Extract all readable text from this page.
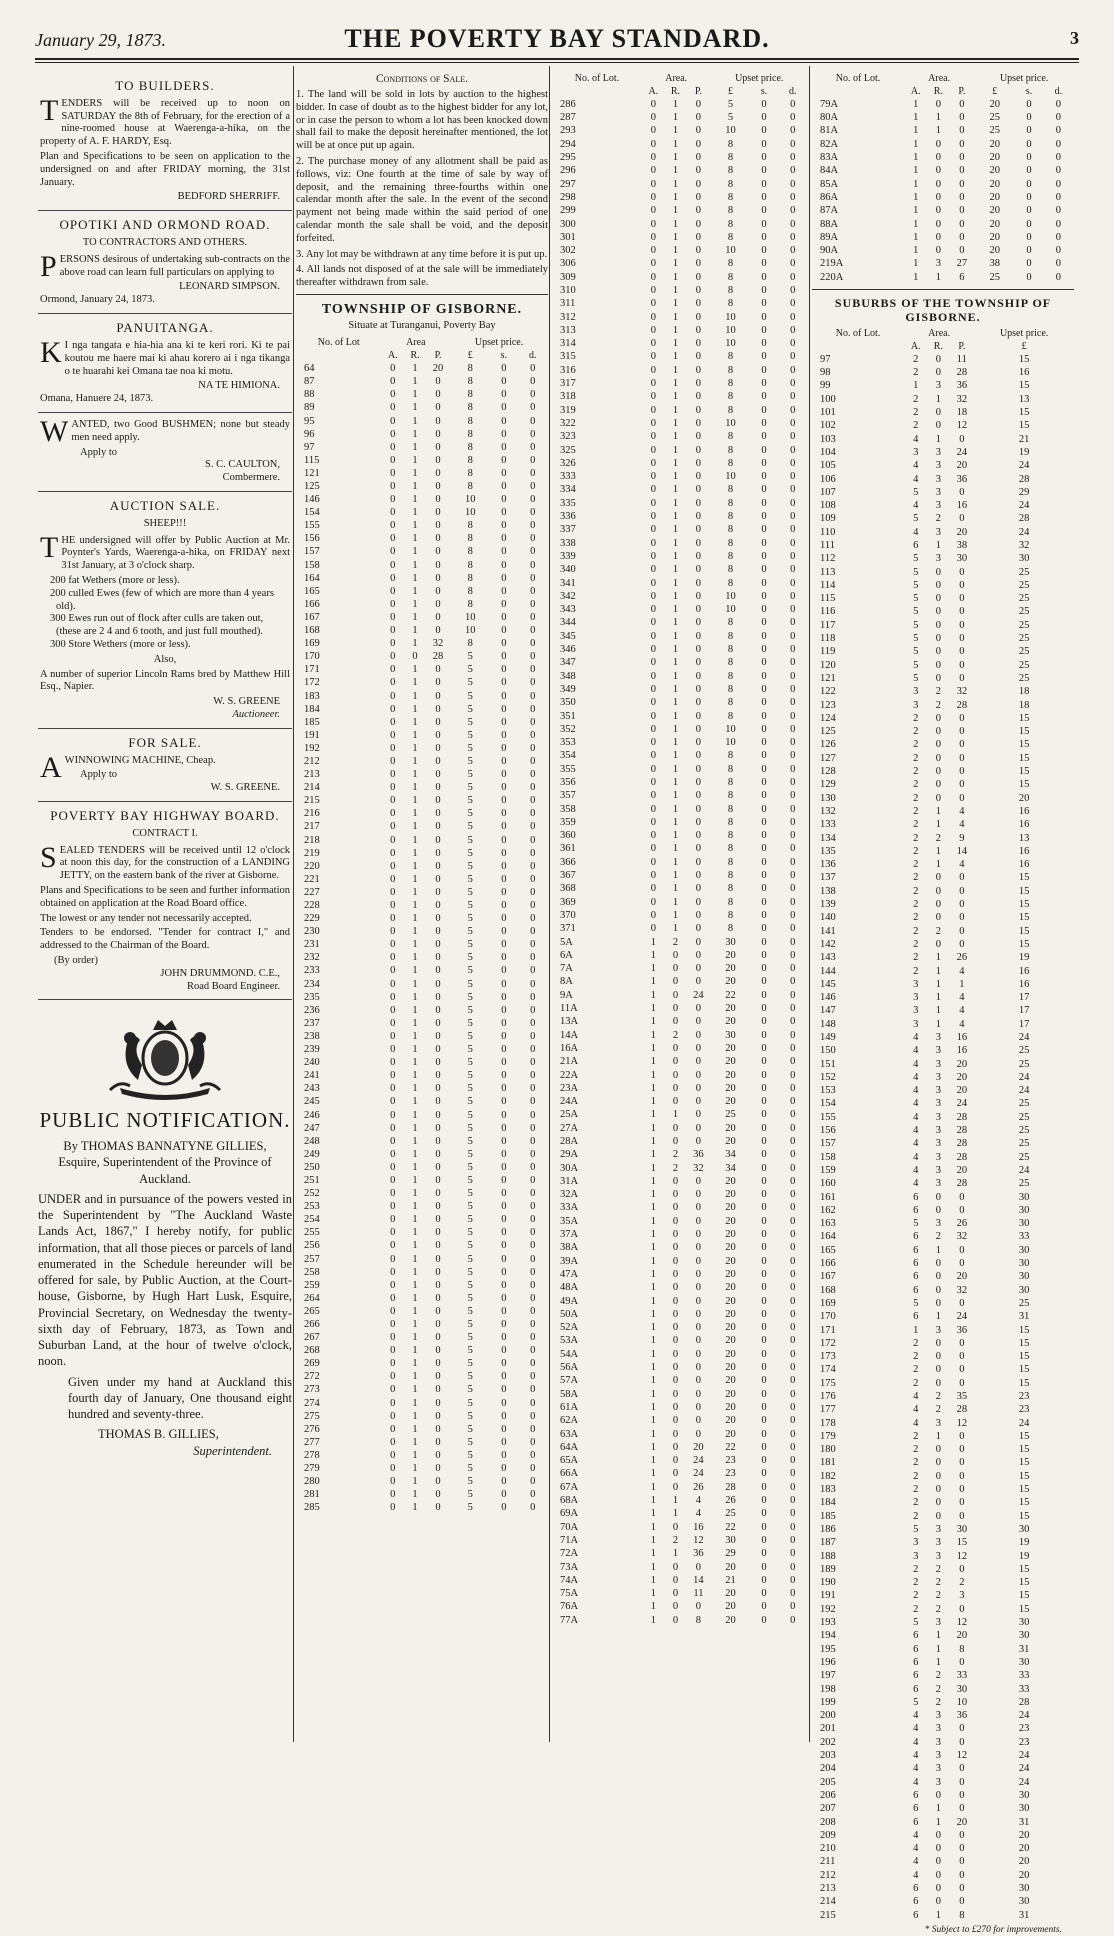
January 29, 1873.	THE POVERTY BAY STANDARD.	3
TO BUILDERS.

TENDERS will be received up to noon on SATURDAY the 8th of February, for the erection of a nine-roomed house at Waerenga-a-hika, on the property of A. F. HARDY, Esq.

Plan and Specifications to be seen on application to the undersigned on and after FRIDAY morning, the 31st January.

BEDFORD SHERRIFF.
OPOTIKI AND ORMOND ROAD.
TO CONTRACTORS AND OTHERS.

PERSONS desirous of undertaking sub-contracts on the above road can learn full particulars on applying to

LEONARD SIMPSON.
Ormond, January 24, 1873.
PANUITANGA.

KI nga tangata e hia-hia ana ki te keri rori. Ki te pai koutou me haere mai ki ahau korero ai i nga tikanga o te huarahi kei Omana tae noa ki motu.

NA TE HIMIONA.
Omana, Hanuere 24, 1873.

WANTED, two Good BUSHMEN; none but steady men need apply.

Apply to
S. C. CAULTON,
Combermere.
AUCTION SALE.
SHEEP!!!

THE undersigned will offer by Public Auction at Mr. Poynter's Yards, Waerenga-a-hika, on FRIDAY next 31st January, at 3 o'clock sharp.

200 fat Wethers (more or less).
200 culled Ewes (few of which are more than 4 years old).
300 Ewes run out of flock after culls are taken out, (these are 2 4 and 6 tooth, and just full mouthed).
300 Store Wethers (more or less).
Also,

A number of superior Lincoln Rams bred by Matthew Hill Esq., Napier.

W. S. GREENE
Auctioneer.
FOR SALE.

AWINNOWING MACHINE, Cheap.

Apply to
W. S. GREENE.
POVERTY BAY HIGHWAY BOARD.
CONTRACT I.

SEALED TENDERS will be received until 12 o'clock at noon this day, for the construction of a LANDING JETTY, on the eastern bank of the river at Gisborne.

Plans and Specifications to be seen and further information obtained on application at the Road Board office.

The lowest or any tender not necessarily accepted.

Tenders to be endorsed. "Tender for contract I," and addressed to the Chairman of the Board.

(By order)
JOHN DRUMMOND. C.E.,
Road Board Engineer.
PUBLIC NOTIFICATION.

By THOMAS BANNATYNE GILLIES, Esquire, Superintendent of the Province of Auckland.

UNDER and in pursuance of the powers vested in the Superintendent by "The Auckland Waste Lands Act, 1867," I hereby notify, for public information, that all those pieces or parcels of land enumerated in the Schedule hereunder will be offered for sale, by Public Auction, at the Court-house, Gisborne, by Hugh Hart Lusk, Esquire, Provincial Secretary, on Wednesday the twenty-sixth day of February, 1873, as Town and Suburban Land, at the hour of twelve o'clock, noon.

Given under my hand at Auckland this fourth day of January, One thousand eight hundred and seventy-three.

THOMAS B. GILLIES,
Superintendent.
Conditions of Sale.

1. The land will be sold in lots by auction to the highest bidder. In case of doubt as to the highest bidder for any lot, or in case the person to whom a lot has been knocked down shall fail to make the deposit hereinafter mentioned, the lot will be at once put up again.

2. The purchase money of any allotment shall be paid as follows, viz: One fourth at the time of sale by way of deposit, and the remaining three-fourths within one calendar month after the sale. In the event of the second payment not being made within the said period of one calendar month the sale shall be void, and the deposit forfeited.

3. Any lot may be withdrawn at any time before it is put up.

4. All lands not disposed of at the sale will be immediately thereafter withdrawn from sale.

TOWNSHIP OF GISBORNE.
Situate at Turanganui, Poverty Bay
No. of Lot	Area			Upset price.		
	A.	R.	P.	£	s.	d.
64	0	1	20	8	0	0
87	0	1	0	8	0	0
88	0	1	0	8	0	0
89	0	1	0	8	0	0
95	0	1	0	8	0	0
96	0	1	0	8	0	0
97	0	1	0	8	0	0
115	0	1	0	8	0	0
121	0	1	0	8	0	0
125	0	1	0	8	0	0
146	0	1	0	10	0	0
154	0	1	0	10	0	0
155	0	1	0	8	0	0
156	0	1	0	8	0	0
157	0	1	0	8	0	0
158	0	1	0	8	0	0
164	0	1	0	8	0	0
165	0	1	0	8	0	0
166	0	1	0	8	0	0
167	0	1	0	10	0	0
168	0	1	0	10	0	0
169	0	1	32	8	0	0
170	0	0	28	5	0	0
171	0	1	0	5	0	0
172	0	1	0	5	0	0
183	0	1	0	5	0	0
184	0	1	0	5	0	0
185	0	1	0	5	0	0
191	0	1	0	5	0	0
192	0	1	0	5	0	0
212	0	1	0	5	0	0
213	0	1	0	5	0	0
214	0	1	0	5	0	0
215	0	1	0	5	0	0
216	0	1	0	5	0	0
217	0	1	0	5	0	0
218	0	1	0	5	0	0
219	0	1	0	5	0	0
220	0	1	0	5	0	0
221	0	1	0	5	0	0
227	0	1	0	5	0	0
228	0	1	0	5	0	0
229	0	1	0	5	0	0
230	0	1	0	5	0	0
231	0	1	0	5	0	0
232	0	1	0	5	0	0
233	0	1	0	5	0	0
234	0	1	0	5	0	0
235	0	1	0	5	0	0
236	0	1	0	5	0	0
237	0	1	0	5	0	0
238	0	1	0	5	0	0
239	0	1	0	5	0	0
240	0	1	0	5	0	0
241	0	1	0	5	0	0
243	0	1	0	5	0	0
245	0	1	0	5	0	0
246	0	1	0	5	0	0
247	0	1	0	5	0	0
248	0	1	0	5	0	0
249	0	1	0	5	0	0
250	0	1	0	5	0	0
251	0	1	0	5	0	0
252	0	1	0	5	0	0
253	0	1	0	5	0	0
254	0	1	0	5	0	0
255	0	1	0	5	0	0
256	0	1	0	5	0	0
257	0	1	0	5	0	0
258	0	1	0	5	0	0
259	0	1	0	5	0	0
264	0	1	0	5	0	0
265	0	1	0	5	0	0
266	0	1	0	5	0	0
267	0	1	0	5	0	0
268	0	1	0	5	0	0
269	0	1	0	5	0	0
272	0	1	0	5	0	0
273	0	1	0	5	0	0
274	0	1	0	5	0	0
275	0	1	0	5	0	0
276	0	1	0	5	0	0
277	0	1	0	5	0	0
278	0	1	0	5	0	0
279	0	1	0	5	0	0
280	0	1	0	5	0	0
281	0	1	0	5	0	0
285	0	1	0	5	0	0
No. of Lot.	Area.			Upset price.		
	A.	R.	P.	£	s.	d.
286	0	1	0	5	0	0
287	0	1	0	5	0	0
293	0	1	0	10	0	0
294	0	1	0	8	0	0
295	0	1	0	8	0	0
296	0	1	0	8	0	0
297	0	1	0	8	0	0
298	0	1	0	8	0	0
299	0	1	0	8	0	0
300	0	1	0	8	0	0
301	0	1	0	8	0	0
302	0	1	0	10	0	0
306	0	1	0	8	0	0
309	0	1	0	8	0	0
310	0	1	0	8	0	0
311	0	1	0	8	0	0
312	0	1	0	10	0	0
313	0	1	0	10	0	0
314	0	1	0	10	0	0
315	0	1	0	8	0	0
316	0	1	0	8	0	0
317	0	1	0	8	0	0
318	0	1	0	8	0	0
319	0	1	0	8	0	0
322	0	1	0	10	0	0
323	0	1	0	8	0	0
325	0	1	0	8	0	0
326	0	1	0	8	0	0
333	0	1	0	10	0	0
334	0	1	0	8	0	0
335	0	1	0	8	0	0
336	0	1	0	8	0	0
337	0	1	0	8	0	0
338	0	1	0	8	0	0
339	0	1	0	8	0	0
340	0	1	0	8	0	0
341	0	1	0	8	0	0
342	0	1	0	10	0	0
343	0	1	0	10	0	0
344	0	1	0	8	0	0
345	0	1	0	8	0	0
346	0	1	0	8	0	0
347	0	1	0	8	0	0
348	0	1	0	8	0	0
349	0	1	0	8	0	0
350	0	1	0	8	0	0
351	0	1	0	8	0	0
352	0	1	0	10	0	0
353	0	1	0	10	0	0
354	0	1	0	8	0	0
355	0	1	0	8	0	0
356	0	1	0	8	0	0
357	0	1	0	8	0	0
358	0	1	0	8	0	0
359	0	1	0	8	0	0
360	0	1	0	8	0	0
361	0	1	0	8	0	0
366	0	1	0	8	0	0
367	0	1	0	8	0	0
368	0	1	0	8	0	0
369	0	1	0	8	0	0
370	0	1	0	8	0	0
371	0	1	0	8	0	0
5A	1	2	0	30	0	0
6A	1	0	0	20	0	0
7A	1	0	0	20	0	0
8A	1	0	0	20	0	0
9A	1	0	24	22	0	0
11A	1	0	0	20	0	0
13A	1	0	0	20	0	0
14A	1	2	0	30	0	0
16A	1	0	0	20	0	0
21A	1	0	0	20	0	0
22A	1	0	0	20	0	0
23A	1	0	0	20	0	0
24A	1	0	0	20	0	0
25A	1	1	0	25	0	0
27A	1	0	0	20	0	0
28A	1	0	0	20	0	0
29A	1	2	36	34	0	0
30A	1	2	32	34	0	0
31A	1	0	0	20	0	0
32A	1	0	0	20	0	0
33A	1	0	0	20	0	0
35A	1	0	0	20	0	0
37A	1	0	0	20	0	0
38A	1	0	0	20	0	0
39A	1	0	0	20	0	0
47A	1	0	0	20	0	0
48A	1	0	0	20	0	0
49A	1	0	0	20	0	0
50A	1	0	0	20	0	0
52A	1	0	0	20	0	0
53A	1	0	0	20	0	0
54A	1	0	0	20	0	0
56A	1	0	0	20	0	0
57A	1	0	0	20	0	0
58A	1	0	0	20	0	0
61A	1	0	0	20	0	0
62A	1	0	0	20	0	0
63A	1	0	0	20	0	0
64A	1	0	20	22	0	0
65A	1	0	24	23	0	0
66A	1	0	24	23	0	0
67A	1	0	26	28	0	0
68A	1	1	4	26	0	0
69A	1	1	4	25	0	0
70A	1	0	16	22	0	0
71A	1	2	12	30	0	0
72A	1	1	36	29	0	0
73A	1	0	0	20	0	0
74A	1	0	14	21	0	0
75A	1	0	11	20	0	0
76A	1	0	0	20	0	0
77A	1	0	8	20	0	0
No. of Lot.	Area.			Upset price.		
	A.	R.	P.	£	s.	d.
79A	1	0	0	20	0	0
80A	1	1	0	25	0	0
81A	1	1	0	25	0	0
82A	1	0	0	20	0	0
83A	1	0	0	20	0	0
84A	1	0	0	20	0	0
85A	1	0	0	20	0	0
86A	1	0	0	20	0	0
87A	1	0	0	20	0	0
88A	1	0	0	20	0	0
89A	1	0	0	20	0	0
90A	1	0	0	20	0	0
219A	1	3	27	38	0	0
220A	1	1	6	25	0	0
SUBURBS OF THE TOWNSHIP OF GISBORNE.
No. of Lot.	Area.			Upset price.
	A.	R.	P.	£
97	2	0	11	15
98	2	0	28	16
99	1	3	36	15
100	2	1	32	13
101	2	0	18	15
102	2	0	12	15
103	4	1	0	21
104	3	3	24	19
105	4	3	20	24
106	4	3	36	28
107	5	3	0	29
108	4	3	16	24
109	5	2	0	28
110	4	3	20	24
111	6	1	38	32
112	5	3	30	30
113	5	0	0	25
114	5	0	0	25
115	5	0	0	25
116	5	0	0	25
117	5	0	0	25
118	5	0	0	25
119	5	0	0	25
120	5	0	0	25
121	5	0	0	25
122	3	2	32	18
123	3	2	28	18
124	2	0	0	15
125	2	0	0	15
126	2	0	0	15
127	2	0	0	15
128	2	0	0	15
129	2	0	0	15
130	2	0	0	20
132	2	1	4	16
133	2	1	4	16
134	2	2	9	13
135	2	1	14	16
136	2	1	4	16
137	2	0	0	15
138	2	0	0	15
139	2	0	0	15
140	2	0	0	15
141	2	2	0	15
142	2	0	0	15
143	2	1	26	19
144	2	1	4	16
145	3	1	1	16
146	3	1	4	17
147	3	1	4	17
148	3	1	4	17
149	4	3	16	24
150	4	3	16	25
151	4	3	20	25
152	4	3	20	24
153	4	3	20	24
154	4	3	24	25
155	4	3	28	25
156	4	3	28	25
157	4	3	28	25
158	4	3	28	25
159	4	3	20	24
160	4	3	28	25
161	6	0	0	30
162	6	0	0	30
163	5	3	26	30
164	6	2	32	33
165	6	1	0	30
166	6	0	0	30
167	6	0	20	30
168	6	0	32	30
169	5	0	0	25
170	6	1	24	31
171	1	3	36	15
172	2	0	0	15
173	2	0	0	15
174	2	0	0	15
175	2	0	0	15
176	4	2	35	23
177	4	2	28	23
178	4	3	12	24
179	2	1	0	15
180	2	0	0	15
181	2	0	0	15
182	2	0	0	15
183	2	0	0	15
184	2	0	0	15
185	2	0	0	15
186	5	3	30	30
187	3	3	15	19
188	3	3	12	19
189	2	2	0	15
190	2	2	2	15
191	2	2	3	15
192	2	2	0	15
193	5	3	12	30
194	6	1	20	30
195	6	1	8	31
196	6	1	0	30
197	6	2	33	33
198	6	2	30	33
199	5	2	10	28
200	4	3	36	24
201	4	3	0	23
202	4	3	0	23
203	4	3	12	24
204	4	3	0	24
205	4	3	0	24
206	6	0	0	30
207	6	1	0	30
208	6	1	20	31
209	4	0	0	20
210	4	0	0	20
211	4	0	0	20
212	4	0	0	20
213	6	0	0	30
214	6	0	0	30
215	6	1	8	31
* Subject to £270 for improvements.
